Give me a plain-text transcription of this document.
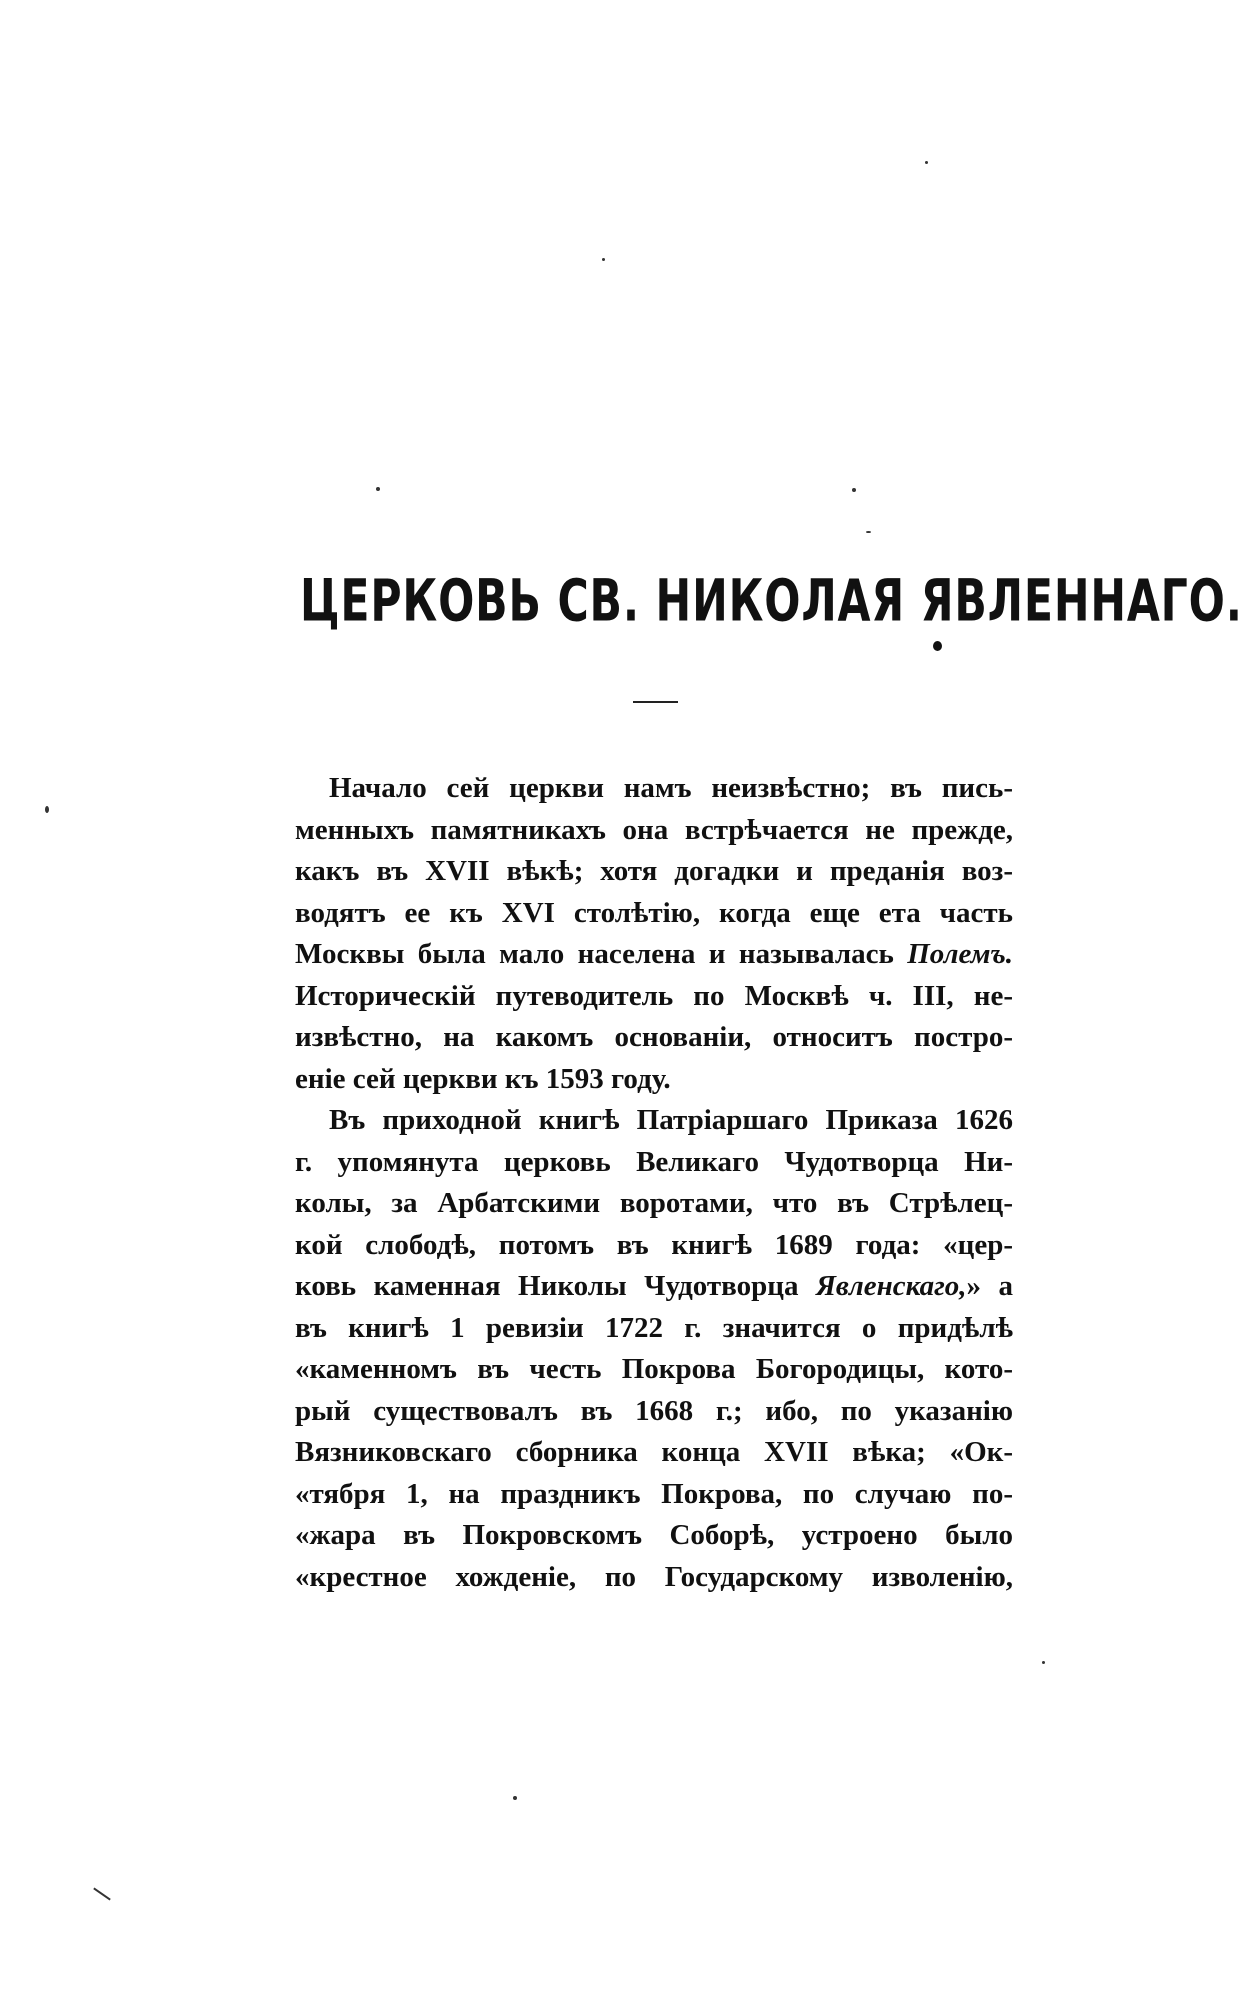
ЦЕРКОВЬ СВ. НИКОЛАЯ ЯВЛЕННАГО.
Начало сей церкви намъ неизвѣстно; въ пись-
менныхъ памятникахъ она встрѣчается не прежде,
какъ въ XVII вѣкѣ; хотя догадки и преданія воз-
водятъ ее къ XVI столѣтію, когда еще ета часть
Москвы была мало населена и называлась Полемъ.
Историческій путеводитель по Москвѣ ч. III, не-
извѣстно, на какомъ основаніи, относитъ постро-
еніе сей церкви къ 1593 году.
Въ приходной книгѣ Патріаршаго Приказа 1626
г. упомянута церковь Великаго Чудотворца Ни-
колы, за Арбатскими воротами, что въ Стрѣлец-
кой слободѣ, потомъ въ книгѣ 1689 года: «цер-
ковь каменная Николы Чудотворца Явленскаго,» а
въ книгѣ 1 ревизіи 1722 г. значится о придѣлѣ
«каменномъ въ честь Покрова Богородицы, кото-
рый существовалъ въ 1668 г.; ибо, по указанію
Вязниковскаго сборника конца XVII вѣка; «Ок-
«тября 1, на праздникъ Покрова, по случаю по-
«жара въ Покровскомъ Соборѣ, устроено было
«крестное хожденіе, по Государскому изволенію,
